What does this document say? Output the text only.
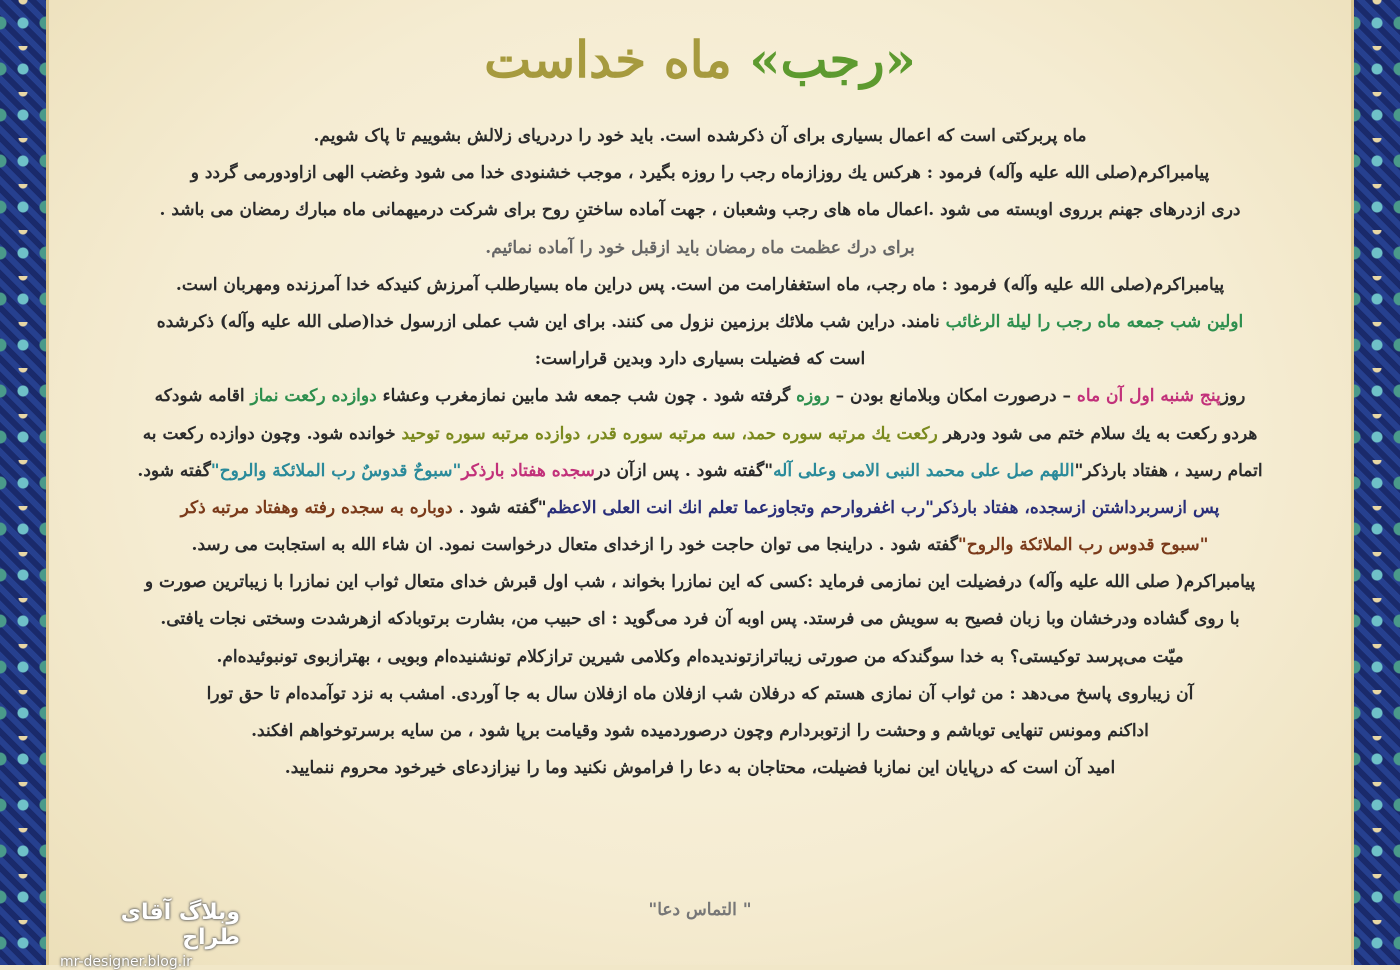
«رجب» ماه خداست
ماه پربرکتی است که اعمال بسیاری برای آن ذکرشده است. باید خود را دردریای زلالش بشوییم تا پاک شویم.
پیامبراکرم(صلی الله علیه وآله) فرمود : هرکس یك روزازماه رجب را روزه بگیرد ، موجب خشنودی خدا می شود وغضب الهی ازاودورمی گردد و
دری ازدرهای جهنم برروی اوبسته می شود .اعمال ماه های رجب وشعبان ، جهت آماده ساختنِ روح برای شرکت درمیهمانی ماه مبارك رمضان می باشد .
برای درك عظمت ماه رمضان باید ازقبل خود را آماده نمائیم.
پیامبراکرم(صلی الله علیه وآله) فرمود : ماه رجب، ماه استغفارامت من است. پس دراین ماه بسیارطلب آمرزش کنیدکه خدا آمرزنده ومهربان است.
اولین شب جمعه ماه رجب را لیلة الرغائب نامند. دراین شب ملائك برزمین نزول می کنند. برای این شب عملی ازرسول خدا(صلی الله علیه وآله) ذکرشده
است که فضیلت بسیاری دارد وبدین قراراست:
روزپنج شنبه اول آن ماه – درصورت امکان وبلامانع بودن – روزه گرفته شود . چون شب جمعه شد مابین نمازمغرب وعشاء دوازده رکعت نماز اقامه شودکه
هردو رکعت به یك سلام ختم می شود ودرهر رکعت یك مرتبه سوره حمد، سه مرتبه سوره قدر، دوازده مرتبه سوره توحید خوانده شود. وچون دوازده رکعت به
اتمام رسید ، هفتاد بارذکر"اللهم صل علی محمد النبی الامی وعلی آله"گفته شود . پس ازآن درسجده هفتاد بارذکر"سبوحٌ قدوسٌ رب الملائکة والروح"گفته شود.
پس ازسربرداشتن ازسجده، هفتاد بارذکر"رب اغفروارحم وتجاوزعما تعلم انك انت العلی الاعظم"گفته شود . دوباره به سجده رفته وهفتاد مرتبه ذکر
"سبوح قدوس رب الملائکة والروح"گفته شود . دراینجا می توان حاجت خود را ازخدای متعال درخواست نمود. ان شاء الله به استجابت می رسد.
پیامبراکرم( صلی الله علیه وآله) درفضیلت این نمازمی فرماید :کسی که این نمازرا بخواند ، شب اول قبرش خدای متعال ثواب این نمازرا با زیباترین صورت و
با روی گشاده ودرخشان وبا زبان فصیح به سویش می فرستد. پس اوبه آن فرد می‌گوید : ای حبیب من، بشارت برتوبادکه ازهرشدت وسختی نجات یافتی.
میّت می‌پرسد توکیستی؟ به خدا سوگندکه من صورتی زیباترازتوندیده‌ام وکلامی شیرین ترازکلام تونشنیده‌ام وبویی ، بهترازبوی تونبوئیده‌ام.
آن زیباروی پاسخ می‌دهد : من ثواب آن نمازی هستم که درفلان شب ازفلان ماه ازفلان سال به جا آوردی. امشب به نزد توآمده‌ام تا حق تورا
اداکنم ومونس تنهایی توباشم و وحشت را ازتوبردارم وچون درصوردمیده شود وقیامت برپا شود ، من سایه برسرتوخواهم افکند.
امید آن است که درپایان این نمازبا فضیلت، محتاجان به دعا را فراموش نکنید وما را نیزازدعای خیرخود محروم ننمایید.
" التماس دعا"
وبلاگ آقای طراح
mr-designer.blog.ir
